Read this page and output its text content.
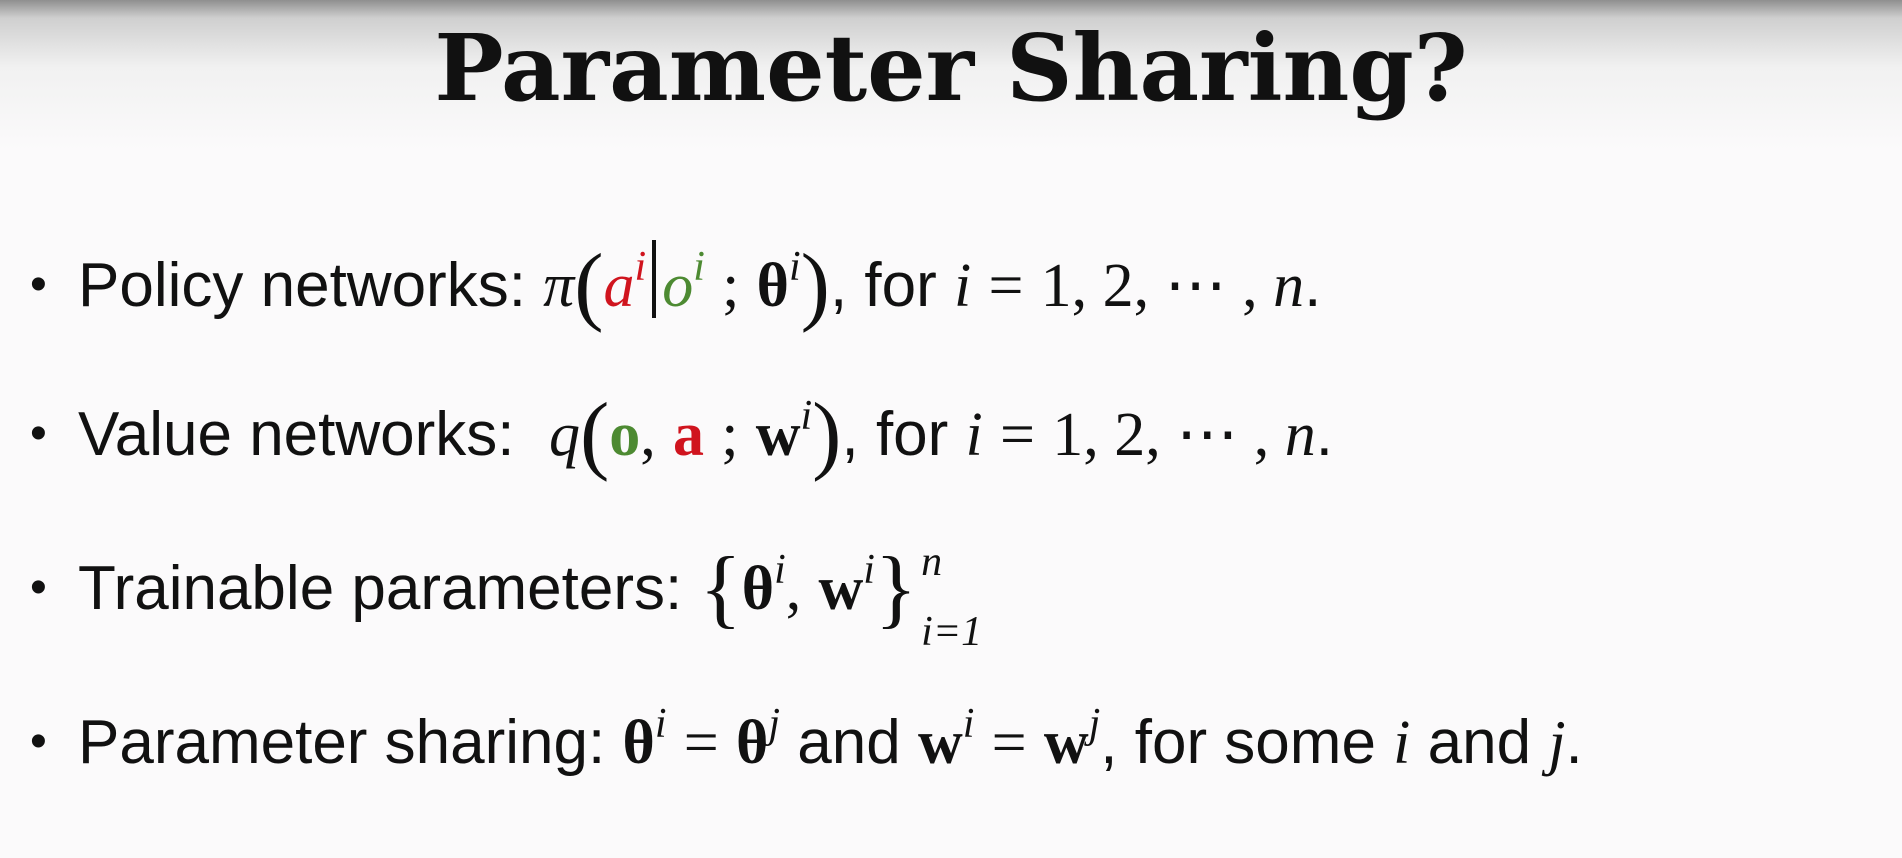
Parameter Sharing?
• Policy networks: $\pi(a^i$ $o^i$ ; $\theta^i$), for i = 1, 2, ⋯ , n.
• Value networks: q(o, a ; $w^i$), for i = 1, 2, ⋯ , n.
• Trainable parameters: {$\theta^i$, $w^i$} n
i=1
• Parameter sharing: $\theta^i = \theta^j$ and $w^i = w^j$, for some i and j.
